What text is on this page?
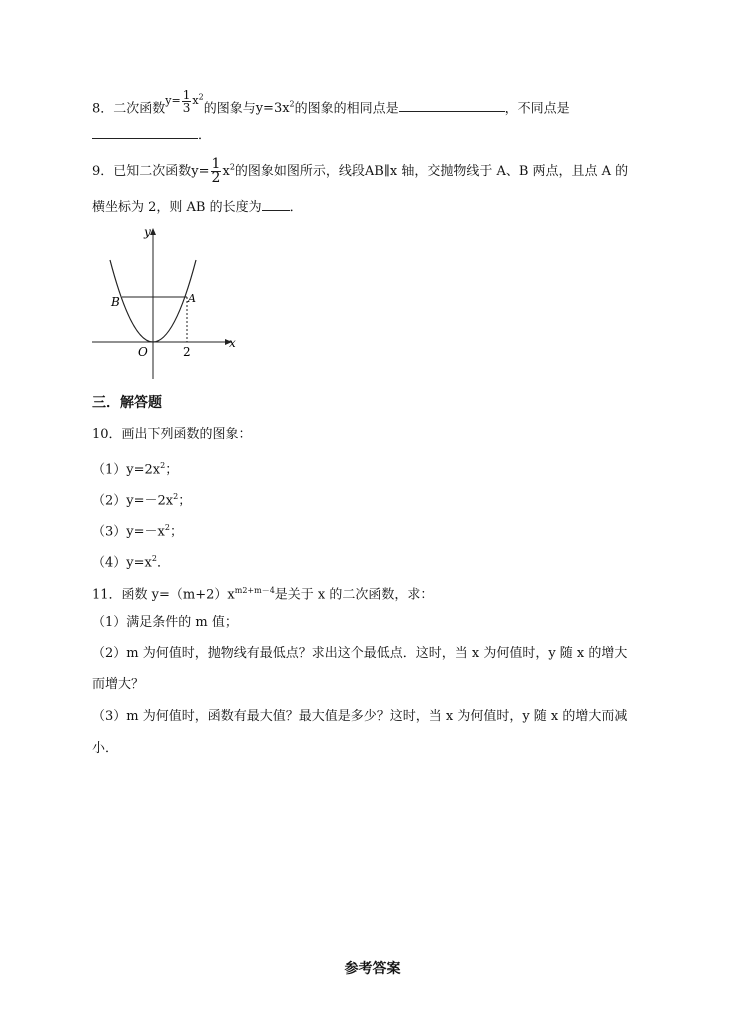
8．二次函数$^{y= \frac{1}{3} x^2}$的图象与$y=3x^2$的图象的相同点是	，不同点是
．
9．已知二次函数$y= \frac{1}{2} x^2$的图象如图所示，线段AB∥x 轴，交抛物线于 A、B 两点，且点 A 的
横坐标为 2，则 AB 的长度为 ．
y
x
O
A
B
2
三．解答题
10．画出下列函数的图象：
$(1)y=2x^2$；
$(2)y=-2x^2$；
$(3)y=-x^2$；
$(4)y=x^2$．
11．函数 $y=(m+2)x^{m2+m-4}$是关于 x 的二次函数，求：
（1）满足条件的 m 值；
（2）m 为何值时，抛物线有最低点？求出这个最低点．这时，当 x 为何值时，y 随 x 的增大
而增大？
（3）m 为何值时，函数有最大值？最大值是多少？这时，当 x 为何值时，y 随 x 的增大而减
小．
参考答案
